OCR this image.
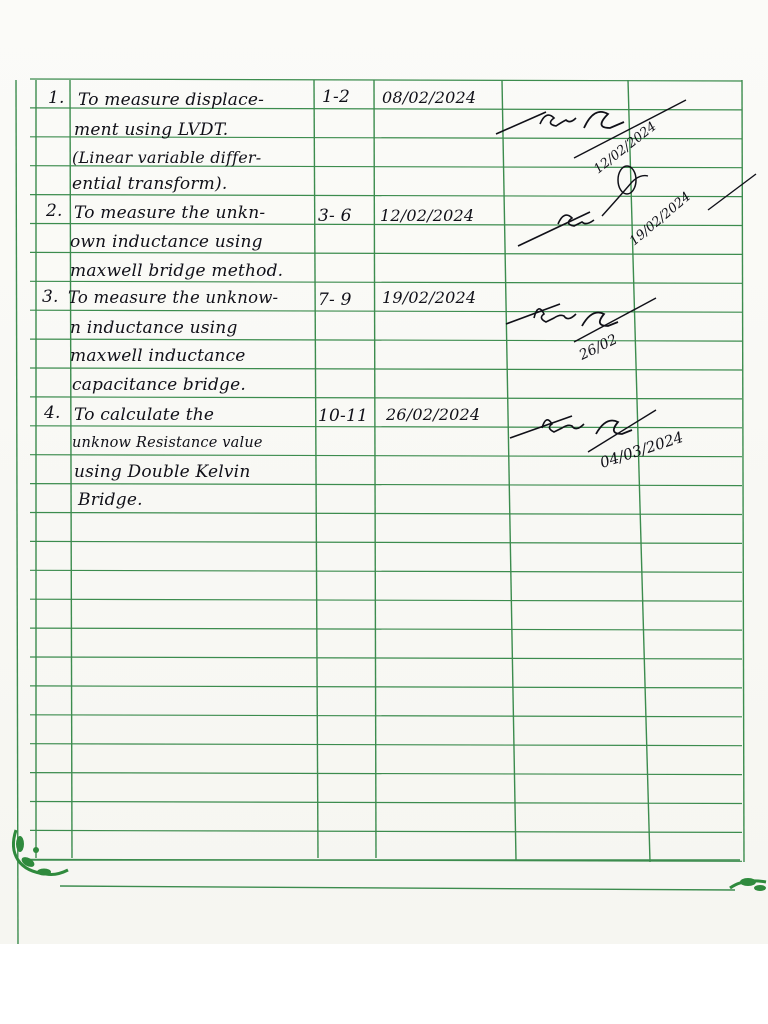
1. To measure displace-
ment using LVDT.
(Linear variable differ-
ential transform).
1-2 08/02/2024
2. To measure the unkn-
own inductance using
maxwell bridge method.
3- 6 12/02/2024
3. To measure the unknow-
n inductance using
maxwell inductance
capacitance bridge.
7- 9 19/02/2024
4. To calculate the
unknow Resistance value
using Double Kelvin
Bridge.
10-11 26/02/2024
12/02/2024
19/02/2024
26/02
04/03/2024
